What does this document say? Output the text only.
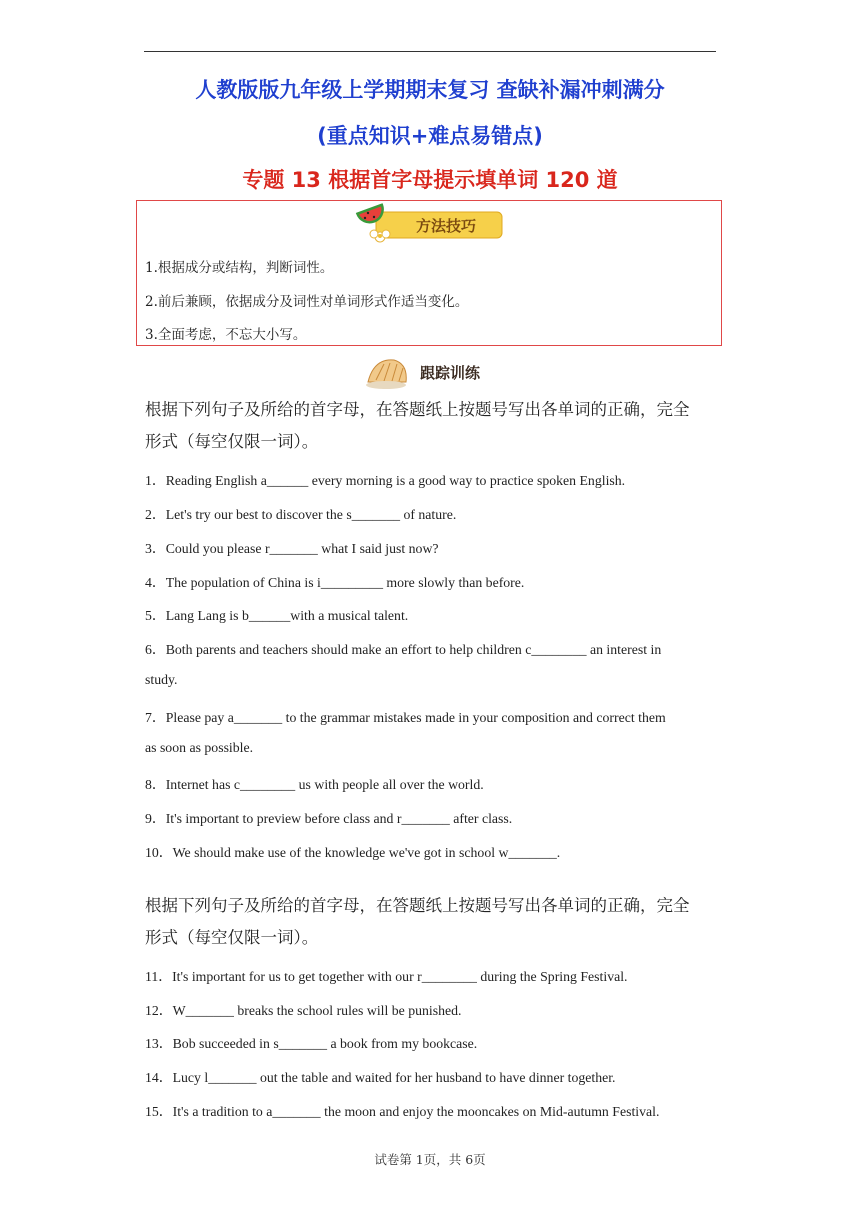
人教版版九年级上学期期末复习 查缺补漏冲刺满分
(重点知识+难点易错点)
专题 13 根据首字母提示填单词 120 道
方法技巧
1.根据成分或结构，判断词性。
2.前后兼顾，依据成分及词性对单词形式作适当变化。
3.全面考虑，不忘大小写。
跟踪训练
根据下列句子及所给的首字母，在答题纸上按题号写出各单词的正确，完全
形式（每空仅限一词）。
1．Reading English a______ every morning is a good way to practice spoken English.
2．Let's try our best to discover the s_______ of nature.
3．Could you please r_______ what I said just now?
4．The population of China is i_________ more slowly than before.
5．Lang Lang is b______with a musical talent.
6．Both parents and teachers should make an effort to help children c________ an interest in
study.
7．Please pay a_______ to the grammar mistakes made in your composition and correct them
as soon as possible.
8．Internet has c________ us with people all over the world.
9．It's important to preview before class and r_______ after class.
10．We should make use of the knowledge we've got in school w_______.
根据下列句子及所给的首字母，在答题纸上按题号写出各单词的正确，完全
形式（每空仅限一词）。
11．It's important for us to get together with our r________ during the Spring Festival.
12．W_______ breaks the school rules will be punished.
13．Bob succeeded in s_______ a book from my bookcase.
14．Lucy l_______ out the table and waited for her husband to have dinner together.
15．It's a tradition to a_______ the moon and enjoy the mooncakes on Mid-autumn Festival.
试卷第 1页，共 6页
